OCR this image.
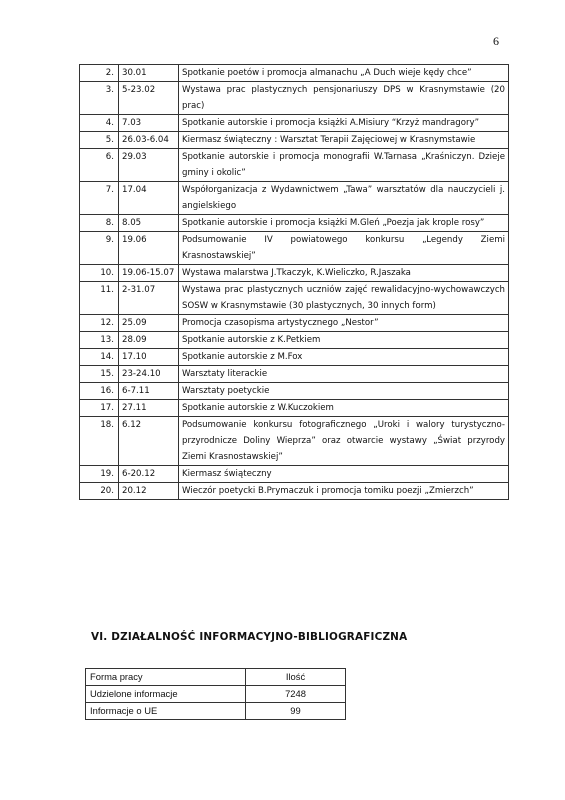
6
2.	30.01	Spotkanie poetów i promocja almanachu „A Duch wieje kędy chce”
3.	5-23.02	Wystawa prac plastycznych pensjonariuszy DPS w Krasnymstawie (20 prac)
4.	7.03	Spotkanie autorskie i promocja książki A.Misiury “Krzyż mandragory”
5.	26.03-6.04	Kiermasz świąteczny : Warsztat Terapii Zajęciowej w Krasnymstawie
6.	29.03	Spotkanie autorskie i promocja monografii W.Tarnasa „Kraśniczyn. Dzieje gminy i okolic”
7.	17.04	Współorganizacja z Wydawnictwem „Tawa” warsztatów dla nauczycieli j. angielskiego
8.	8.05	Spotkanie autorskie i promocja książki M.Gleń „Poezja jak krople rosy”
9.	19.06	Podsumowanie IV powiatowego konkursu „Legendy Ziemi Krasnostawskiej”
10.	19.06-15.07	Wystawa malarstwa J.Tkaczyk, K.Wieliczko, R.Jaszaka
11.	2-31.07	Wystawa prac plastycznych uczniów zajęć rewalidacyjno-wychowawczych SOSW w Krasnymstawie (30 plastycznych, 30 innych form)
12.	25.09	Promocja czasopisma artystycznego „Nestor”
13.	28.09	Spotkanie autorskie z K.Petkiem
14.	17.10	Spotkanie autorskie z M.Fox
15.	23-24.10	Warsztaty literackie
16.	6-7.11	Warsztaty poetyckie
17.	27.11	Spotkanie autorskie z W.Kuczokiem
18.	6.12	Podsumowanie konkursu fotograficznego „Uroki i walory turystyczno-przyrodnicze Doliny Wieprza” oraz otwarcie wystawy „Świat przyrody Ziemi Krasnostawskiej”
19.	6-20.12	Kiermasz świąteczny
20.	20.12	Wieczór poetycki B.Prymaczuk i promocja tomiku poezji „Zmierzch”
VI. DZIAŁALNOŚĆ INFORMACYJNO-BIBLIOGRAFICZNA
Forma pracy	Ilość
Udzielone informacje	7248
Informacje o UE	99
